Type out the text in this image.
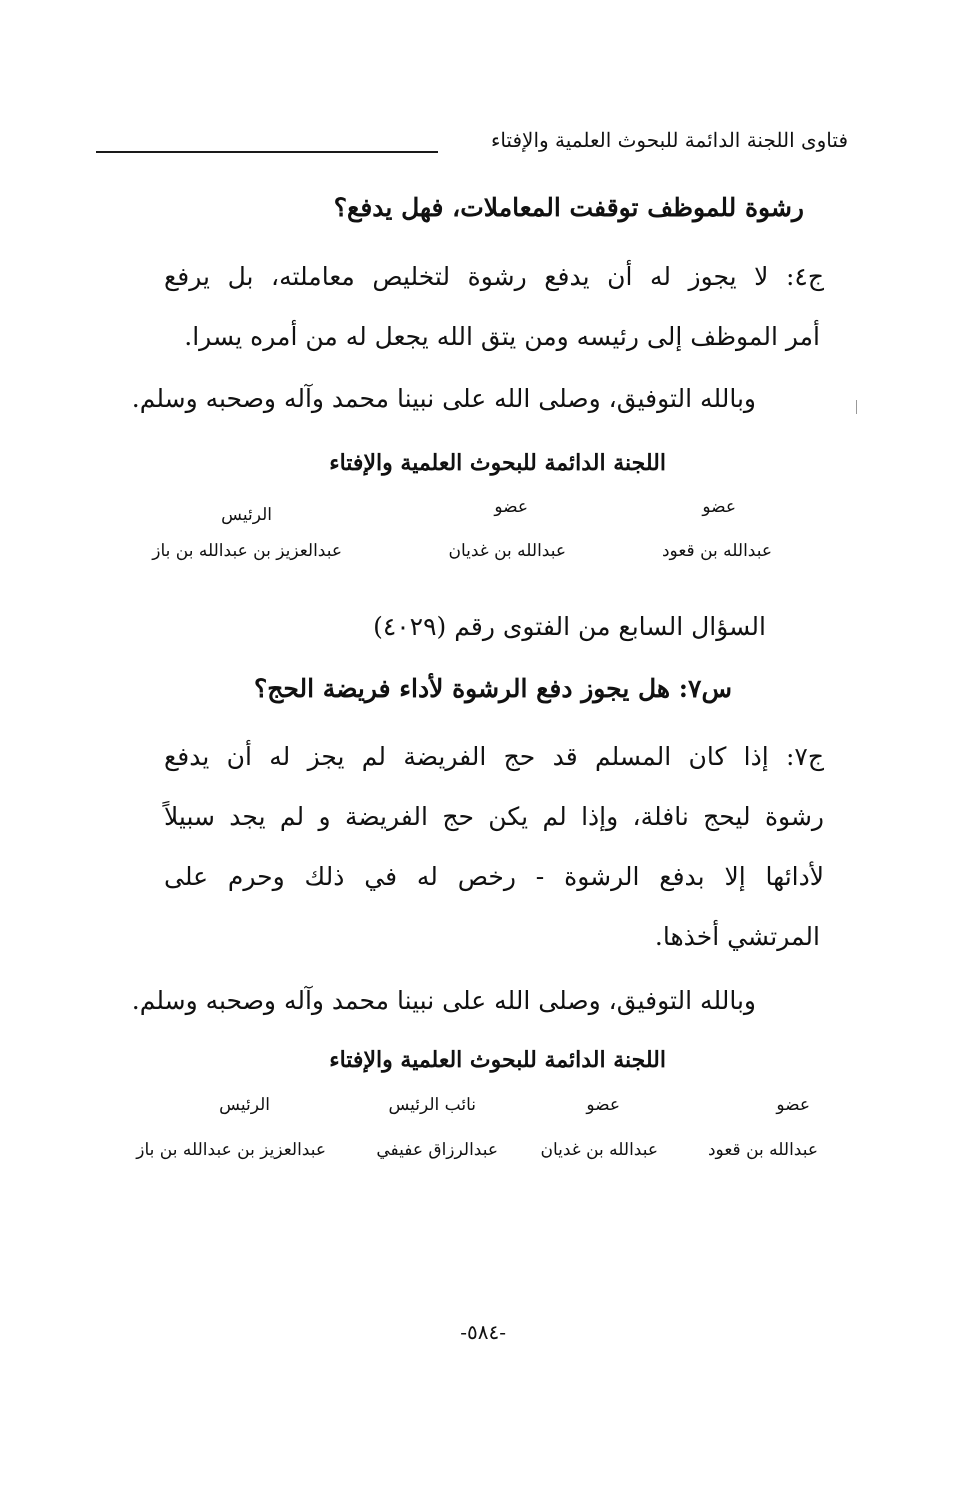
فتاوى اللجنة الدائمة للبحوث العلمية والإفتاء
رشوة للموظف توقفت المعاملات، فهل يدفع؟
ج٤: لا يجوز له أن يدفع رشوة لتخليص معاملته، بل يرفع
أمر الموظف إلى رئيسه ومن يتق الله يجعل له من أمره يسرا.
وبالله التوفيق، وصلى الله على نبينا محمد وآله وصحبه وسلم.
اللجنة الدائمة للبحوث العلمية والإفتاء
عضو
عضو
الرئيس
عبدالله بن قعود
عبدالله بن غديان
عبدالعزيز بن عبدالله بن باز
السؤال السابع من الفتوى رقم (٤٠٢٩)
س٧: هل يجوز دفع الرشوة لأداء فريضة الحج؟
ج٧: إذا كان المسلم قد حج الفريضة لم يجز له أن يدفع
رشوة ليحج نافلة، وإذا لم يكن حج الفريضة و لم يجد سبيلاً
لأدائها إلا بدفع الرشوة - رخص له في ذلك وحرم على
المرتشي أخذها.
وبالله التوفيق، وصلى الله على نبينا محمد وآله وصحبه وسلم.
اللجنة الدائمة للبحوث العلمية والإفتاء
عضو
عضو
نائب الرئيس
الرئيس
عبدالله بن قعود
عبدالله بن غديان
عبدالرزاق عفيفي
عبدالعزيز بن عبدالله بن باز
-٥٨٤-
